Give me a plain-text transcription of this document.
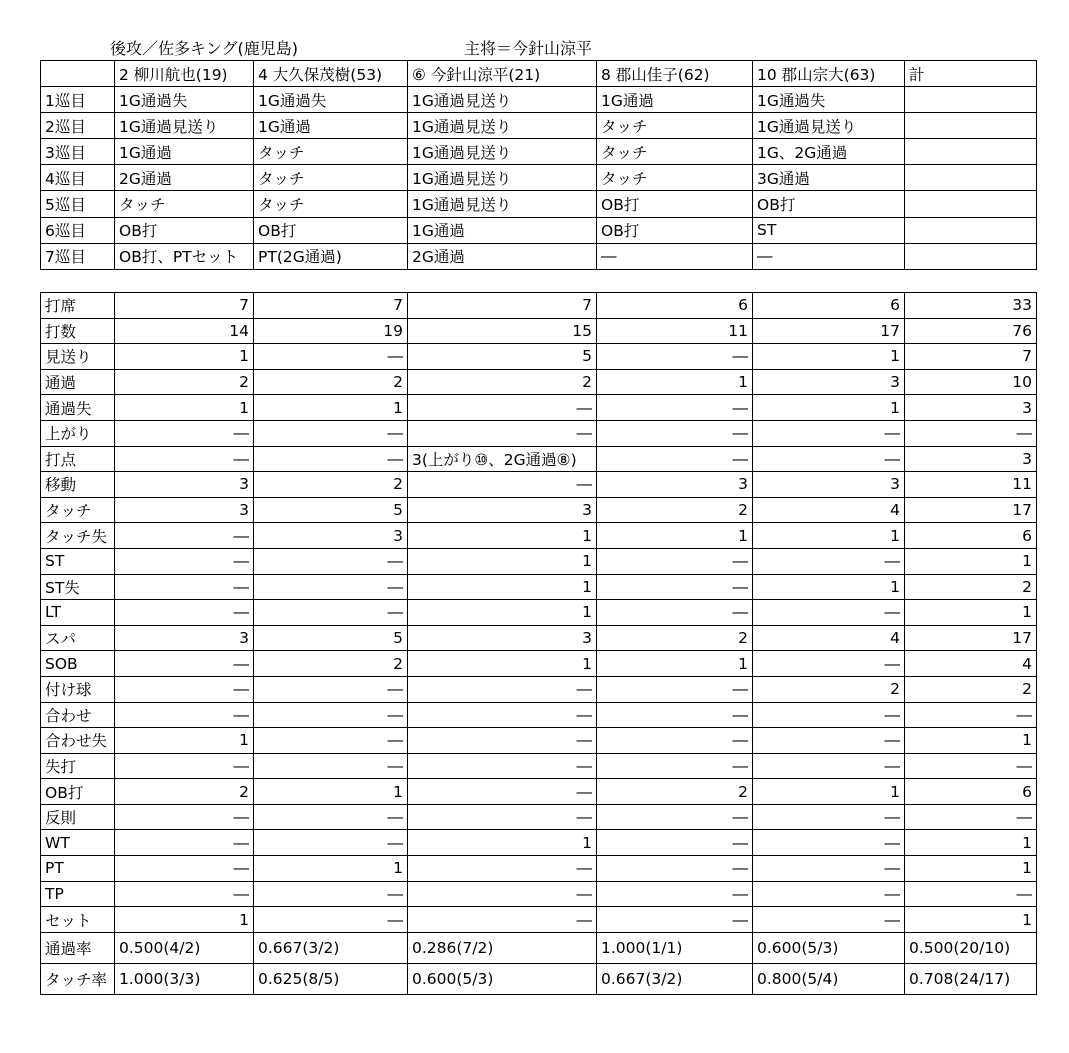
後攻／佐多キング(鹿児島)	主将＝今針山涼平
	2 柳川航也(19)	4 大久保茂樹(53)	⑥ 今針山涼平(21)	8 郡山佳子(62)	10 郡山宗大(63)	計
1巡目	1G通過失	1G通過失	1G通過見送り	1G通過	1G通過失	
2巡目	1G通過見送り	1G通過	1G通過見送り	タッチ	1G通過見送り	
3巡目	1G通過	タッチ	1G通過見送り	タッチ	1G、2G通過	
4巡目	2G通過	タッチ	1G通過見送り	タッチ	3G通過	
5巡目	タッチ	タッチ	1G通過見送り	OB打	OB打	
6巡目	OB打	OB打	1G通過	OB打	ST	
7巡目	OB打、PTセット	PT(2G通過)	2G通過	―	―	
打席	7	7	7	6	6	33
打数	14	19	15	11	17	76
見送り	1	―	5	―	1	7
通過	2	2	2	1	3	10
通過失	1	1	―	―	1	3
上がり	―	―	―	―	―	―
打点	―	―	3(上がり⑩、2G通過⑧)	―	―	3
移動	3	2	―	3	3	11
タッチ	3	5	3	2	4	17
タッチ失	―	3	1	1	1	6
ST	―	―	1	―	―	1
ST失	―	―	1	―	1	2
LT	―	―	1	―	―	1
スパ	3	5	3	2	4	17
SOB	―	2	1	1	―	4
付け球	―	―	―	―	2	2
合わせ	―	―	―	―	―	―
合わせ失	1	―	―	―	―	1
失打	―	―	―	―	―	―
OB打	2	1	―	2	1	6
反則	―	―	―	―	―	―
WT	―	―	1	―	―	1
PT	―	1	―	―	―	1
TP	―	―	―	―	―	―
セット	1	―	―	―	―	1
通過率	0.500(4/2)	0.667(3/2)	0.286(7/2)	1.000(1/1)	0.600(5/3)	0.500(20/10)
タッチ率	1.000(3/3)	0.625(8/5)	0.600(5/3)	0.667(3/2)	0.800(5/4)	0.708(24/17)
